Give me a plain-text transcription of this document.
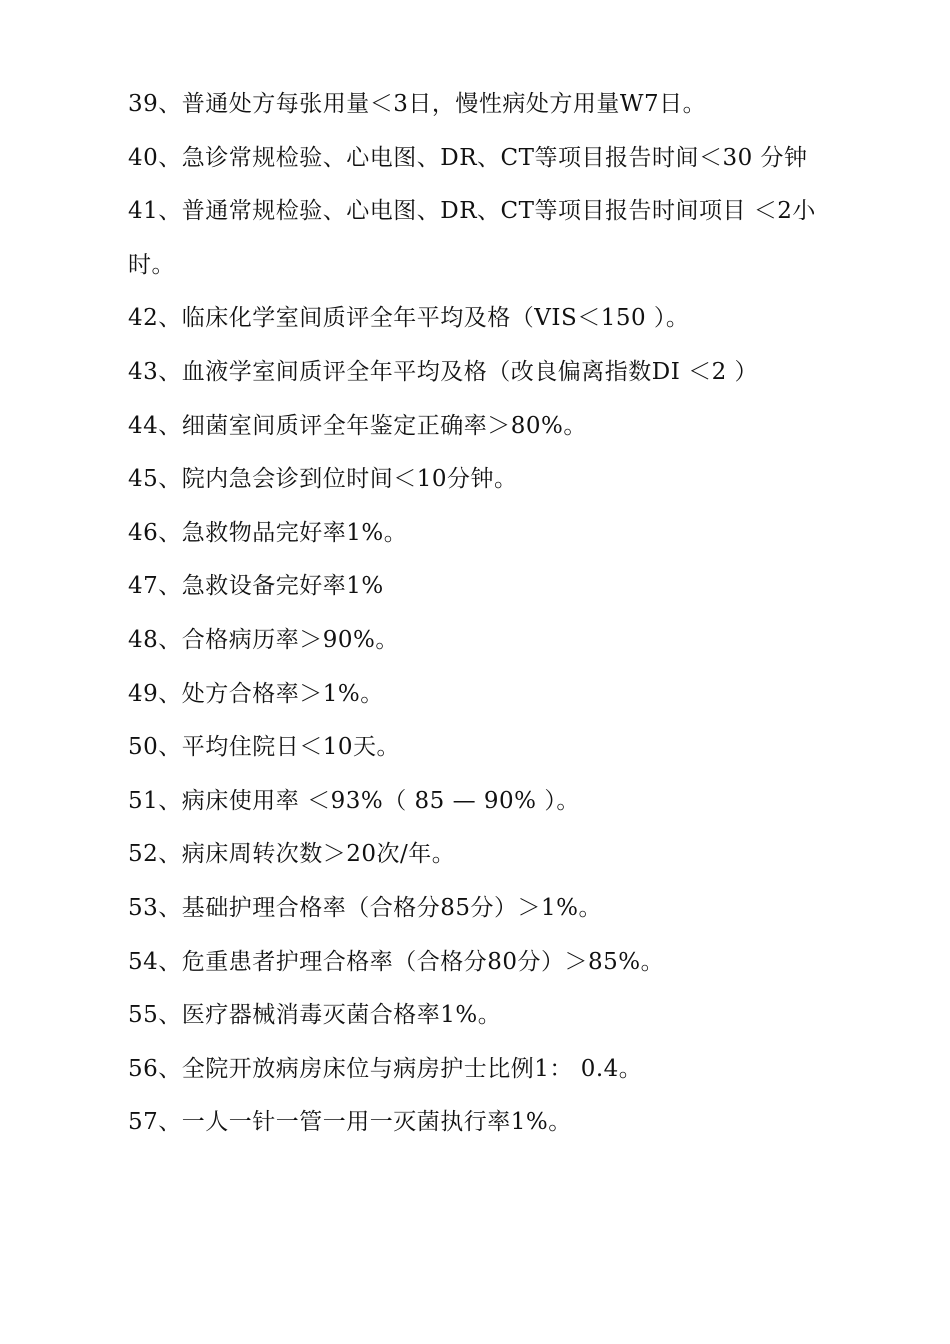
39、普通处方每张用量＜3日，慢性病处方用量W7日。
40、急诊常规检验、心电图、DR、CT等项目报告时间＜30 分钟
41、普通常规检验、心电图、DR、CT等项目报告时间项目 ＜2小时。
42、临床化学室间质评全年平均及格（VIS＜150 ）。
43、血液学室间质评全年平均及格（改良偏离指数DI ＜2 ）
44、细菌室间质评全年鉴定正确率＞80%。
45、院内急会诊到位时间＜10分钟。
46、急救物品完好率1%。
47、急救设备完好率1%
48、合格病历率＞90%。
49、处方合格率＞1%。
50、平均住院日＜10天。
51、病床使用率 ＜93%（ 85 — 90% ）。
52、病床周转次数＞20次/年。
53、基础护理合格率（合格分85分）＞1%。
54、危重患者护理合格率（合格分80分）＞85%。
55、医疗器械消毒灭菌合格率1%。
56、全院开放病房床位与病房护士比例1： 0.4。
57、一人一针一管一用一灭菌执行率1%。
